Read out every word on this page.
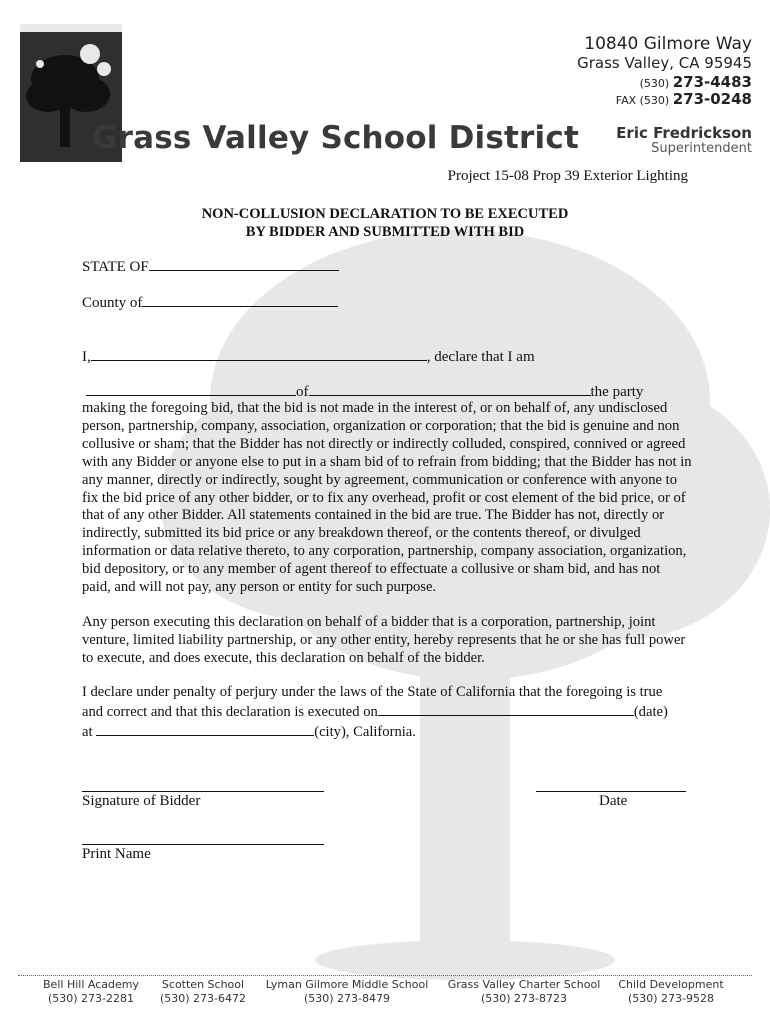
Grass Valley School District
10840 Gilmore Way
Grass Valley, CA 95945
(530) 273-4483
FAX (530) 273-0248
Eric Fredrickson
Superintendent
Project 15-08 Prop 39 Exterior Lighting
NON-COLLUSION DECLARATION TO BE EXECUTED
BY BIDDER AND SUBMITTED WITH BID
STATE OF
County of
I,	, declare that I am
of	the party
making the foregoing bid, that the bid is not made in the interest of, or on behalf of, any undisclosed person, partnership, company, association, organization or corporation; that the bid is genuine and non collusive or sham; that the Bidder has not directly or indirectly colluded, conspired, connived or agreed with any Bidder or anyone else to put in a sham bid of to refrain from bidding; that the Bidder has not in any manner, directly or indirectly, sought by agreement, communication or conference with anyone to fix the bid price of any other bidder, or to fix any overhead, profit or cost element of the bid price, or of that of any other Bidder. All statements contained in the bid are true. The Bidder has not, directly or indirectly, submitted its bid price or any breakdown thereof, or the contents thereof, or divulged information or data relative thereto, to any corporation, partnership, company association, organization, bid depository, or to any member of agent thereof to effectuate a collusive or sham bid, and has not paid, and will not pay, any person or entity for such purpose.
Any person executing this declaration on behalf of a bidder that is a corporation, partnership, joint venture, limited liability partnership, or any other entity, hereby represents that he or she has full power to execute, and does execute, this declaration on behalf of the bidder.
I declare under penalty of perjury under the laws of the State of California that the foregoing is true
and correct and that this declaration is executed on	(date)
at	(city), California.
Signature of Bidder	Date
Print Name
Bell Hill Academy
(530) 273-2281
Scotten School
(530) 273-6472
Lyman Gilmore Middle School
(530) 273-8479
Grass Valley Charter School
(530) 273-8723
Child Development
(530) 273-9528
